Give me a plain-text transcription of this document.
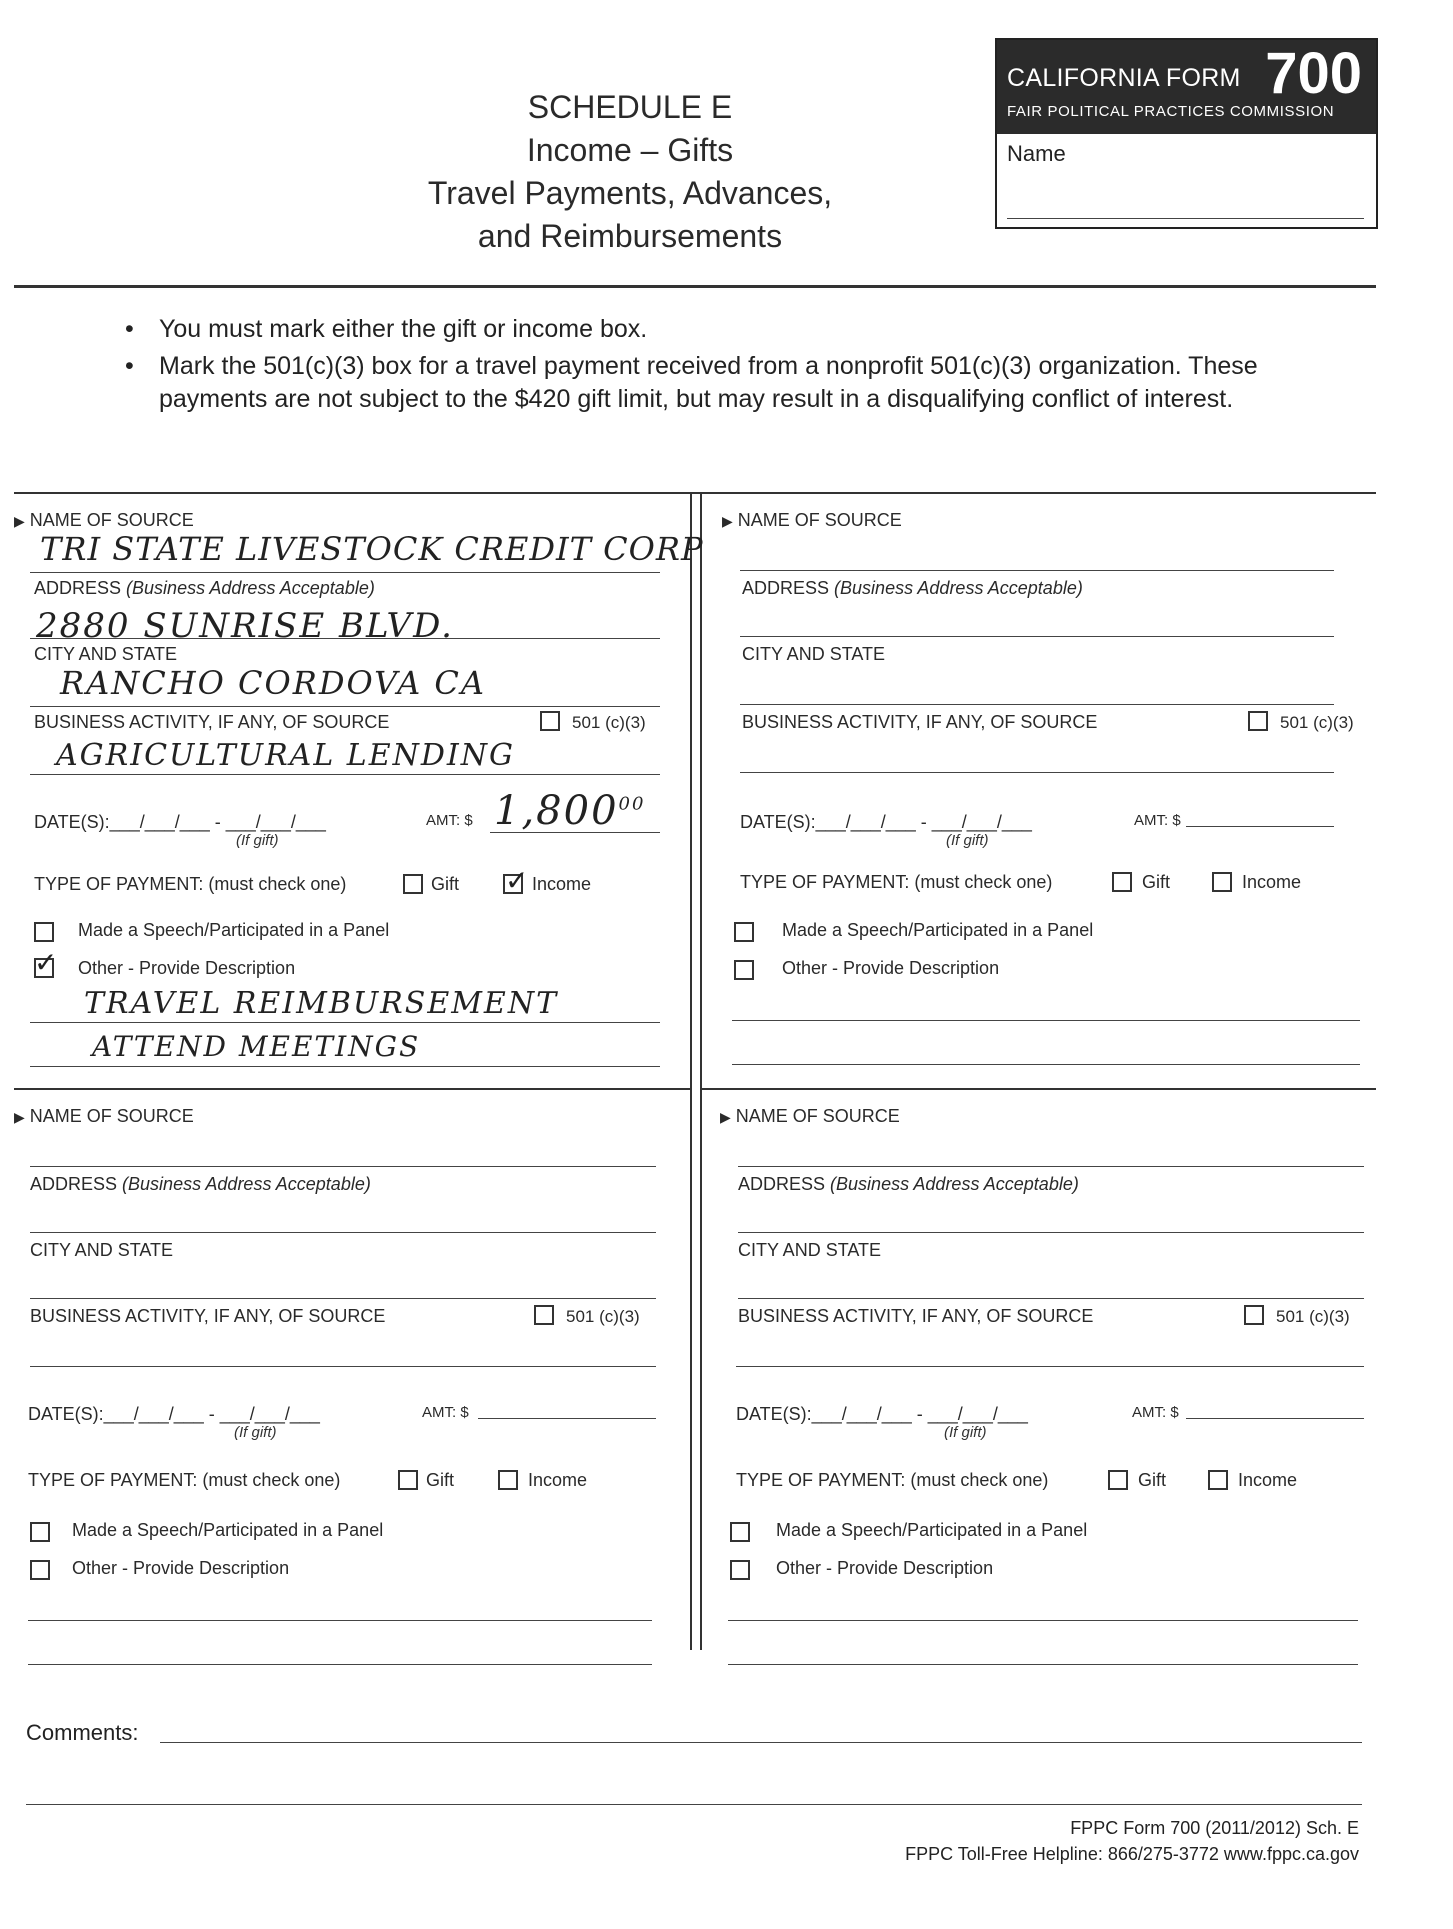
SCHEDULE E
Income – Gifts
Travel Payments, Advances,
and Reimbursements
CALIFORNIA FORM 700
FAIR POLITICAL PRACTICES COMMISSION
Name
• You must mark either the gift or income box.
• Mark the 501(c)(3) box for a travel payment received from a nonprofit 501(c)(3) organization. These payments are not subject to the $420 gift limit, but may result in a disqualifying conflict of interest.
▶ NAME OF SOURCE
TRI STATE LIVESTOCK CREDIT CORP
ADDRESS (Business Address Acceptable)
2880 SUNRISE BLVD.
CITY AND STATE
RANCHO CORDOVA CA
BUSINESS ACTIVITY, IF ANY, OF SOURCE	501 (c)(3)
AGRICULTURAL LENDING
DATE(S):___/___/___ - ___/___/___	AMT: $ 1,800$^{00}$
(If gift)
TYPE OF PAYMENT: (must check one)	Gift ✓ Income
Made a Speech/Participated in a Panel
✓ Other - Provide Description
TRAVEL REIMBURSEMENT
ATTEND MEETINGS
▶ NAME OF SOURCE
ADDRESS (Business Address Acceptable)
CITY AND STATE
BUSINESS ACTIVITY, IF ANY, OF SOURCE	501 (c)(3)
DATE(S):___/___/___ - ___/___/___	AMT: $
(If gift)
TYPE OF PAYMENT: (must check one)	Gift	Income
Made a Speech/Participated in a Panel
Other - Provide Description
▶ NAME OF SOURCE
ADDRESS (Business Address Acceptable)
CITY AND STATE
BUSINESS ACTIVITY, IF ANY, OF SOURCE	501 (c)(3)
DATE(S):___/___/___ - ___/___/___	AMT: $
(If gift)
TYPE OF PAYMENT: (must check one)	Gift	Income
Made a Speech/Participated in a Panel
Other - Provide Description
▶ NAME OF SOURCE
ADDRESS (Business Address Acceptable)
CITY AND STATE
BUSINESS ACTIVITY, IF ANY, OF SOURCE	501 (c)(3)
DATE(S):___/___/___ - ___/___/___	AMT: $
(If gift)
TYPE OF PAYMENT: (must check one)	Gift	Income
Made a Speech/Participated in a Panel
Other - Provide Description
Comments:
FPPC Form 700 (2011/2012) Sch. E
FPPC Toll-Free Helpline: 866/275-3772 www.fppc.ca.gov
